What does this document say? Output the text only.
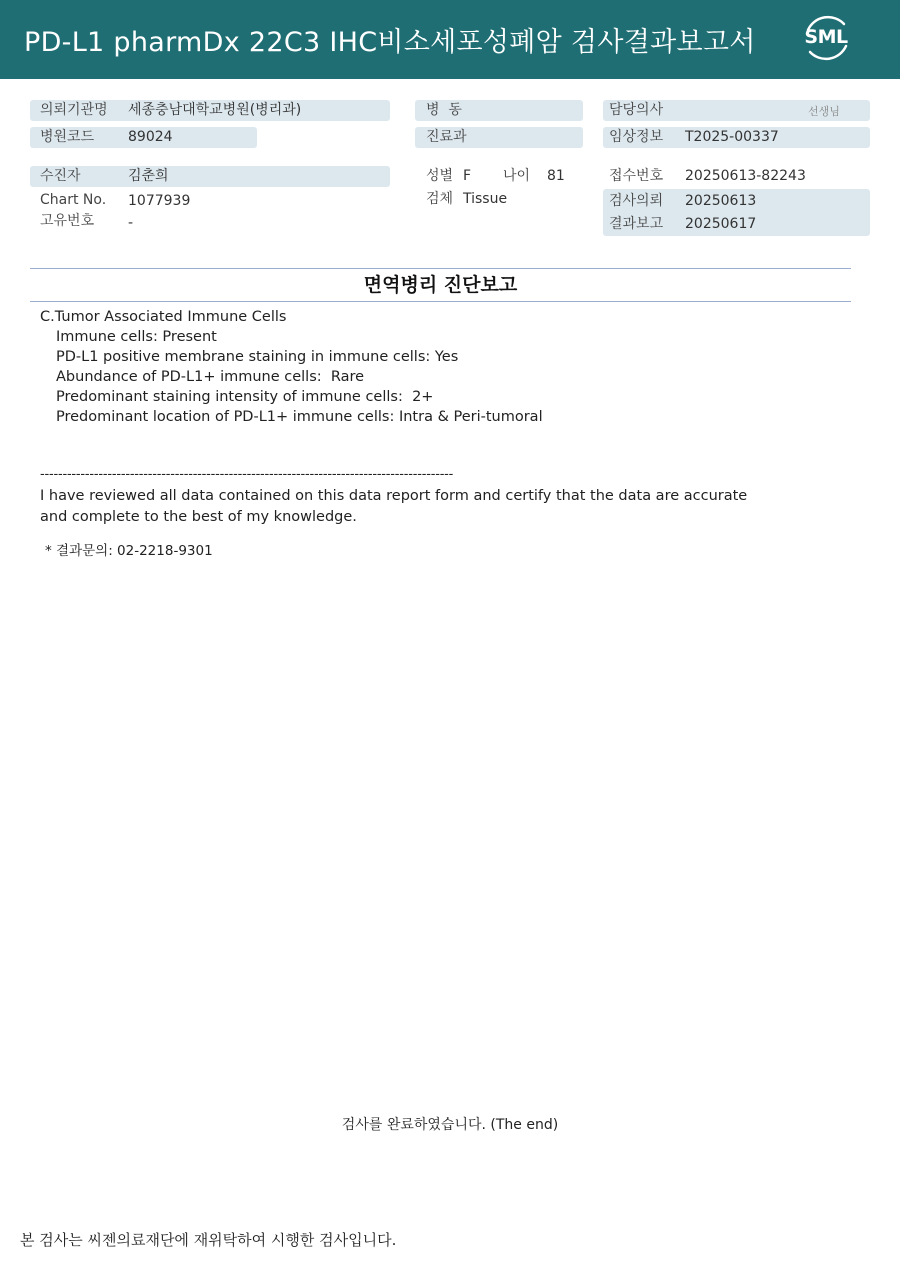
PD-L1 pharmDx 22C3 IHC비소세포성폐암 검사결과보고서	SML
의뢰기관명 세종충남대학교병원(병리과)
병원코드 89024
병  동
진료과
담당의사	선생님
임상정보 T2025-00337
수진자	김춘희
Chart No. 1077939
고유번호 -
성별 F 나이 81
검체 Tissue
접수번호 20250613-82243
검사의뢰 20250613
결과보고 20250617
면역병리 진단보고
C.Tumor Associated Immune Cells
Immune cells: Present
PD-L1 positive membrane staining in immune cells: Yes
Abundance of PD-L1+ immune cells:  Rare
Predominant staining intensity of immune cells:  2+
Predominant location of PD-L1+ immune cells: Intra & Peri-tumoral
--------------------------------------------------------------------------------------------
I have reviewed all data contained on this data report form and certify that the data are accurate
and complete to the best of my knowledge.
* 결과문의: 02-2218-9301
검사를 완료하였습니다. (The end)
본 검사는 씨젠의료재단에 재위탁하여 시행한 검사입니다.
